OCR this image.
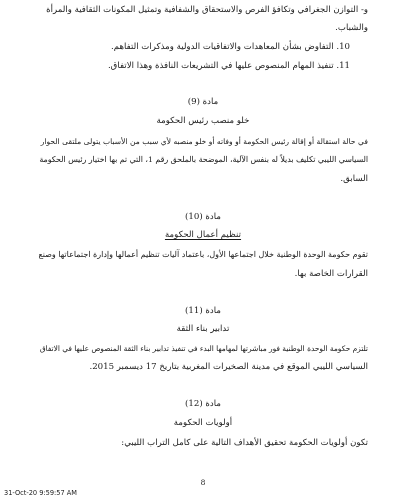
و- التوازن الجغرافي وتكافؤ الفرص والاستحقاق والشفافية وتمثيل المكونات الثقافية والمرأة
والشباب.
10. التفاوض بشأن المعاهدات والاتفاقيات الدولية ومذكرات التفاهم.
11. تنفيذ المهام المنصوص عليها في التشريعات النافذة وهذا الاتفاق.
مادة (9)
خلو منصب رئيس الحكومة
في حالة استقالة أو إقالة رئيس الحكومة أو وفاته أو خلو منصبه لأي سبب من الأسباب يتولى ملتقى الحوار
السياسي الليبي تكليف بديلاً له بنفس الآلية، الموضحة بالملحق رقم 1، التي تم بها اختيار رئيس الحكومة
السابق.
مادة (10)
تنظيم أعمال الحكومة
تقوم حكومة الوحدة الوطنية خلال اجتماعها الأول، باعتماد آليات تنظيم أعمالها وإدارة اجتماعاتها وصنع
القرارات الخاصة بها.
مادة (11)
تدابير بناء الثقة
تلتزم حكومة الوحدة الوطنية فور مباشرتها لمهامها البدء في تنفيذ تدابير بناء الثقة المنصوص عليها في الاتفاق
السياسي الليبي الموقع في مدينة الصخيرات المغربية بتاريخ 17 ديسمبر 2015.
مادة (12)
أولويات الحكومة
تكون أولويات الحكومة تحقيق الأهداف التالية على كامل التراب الليبي:
8
31-Oct-20 9:59:57 AM
